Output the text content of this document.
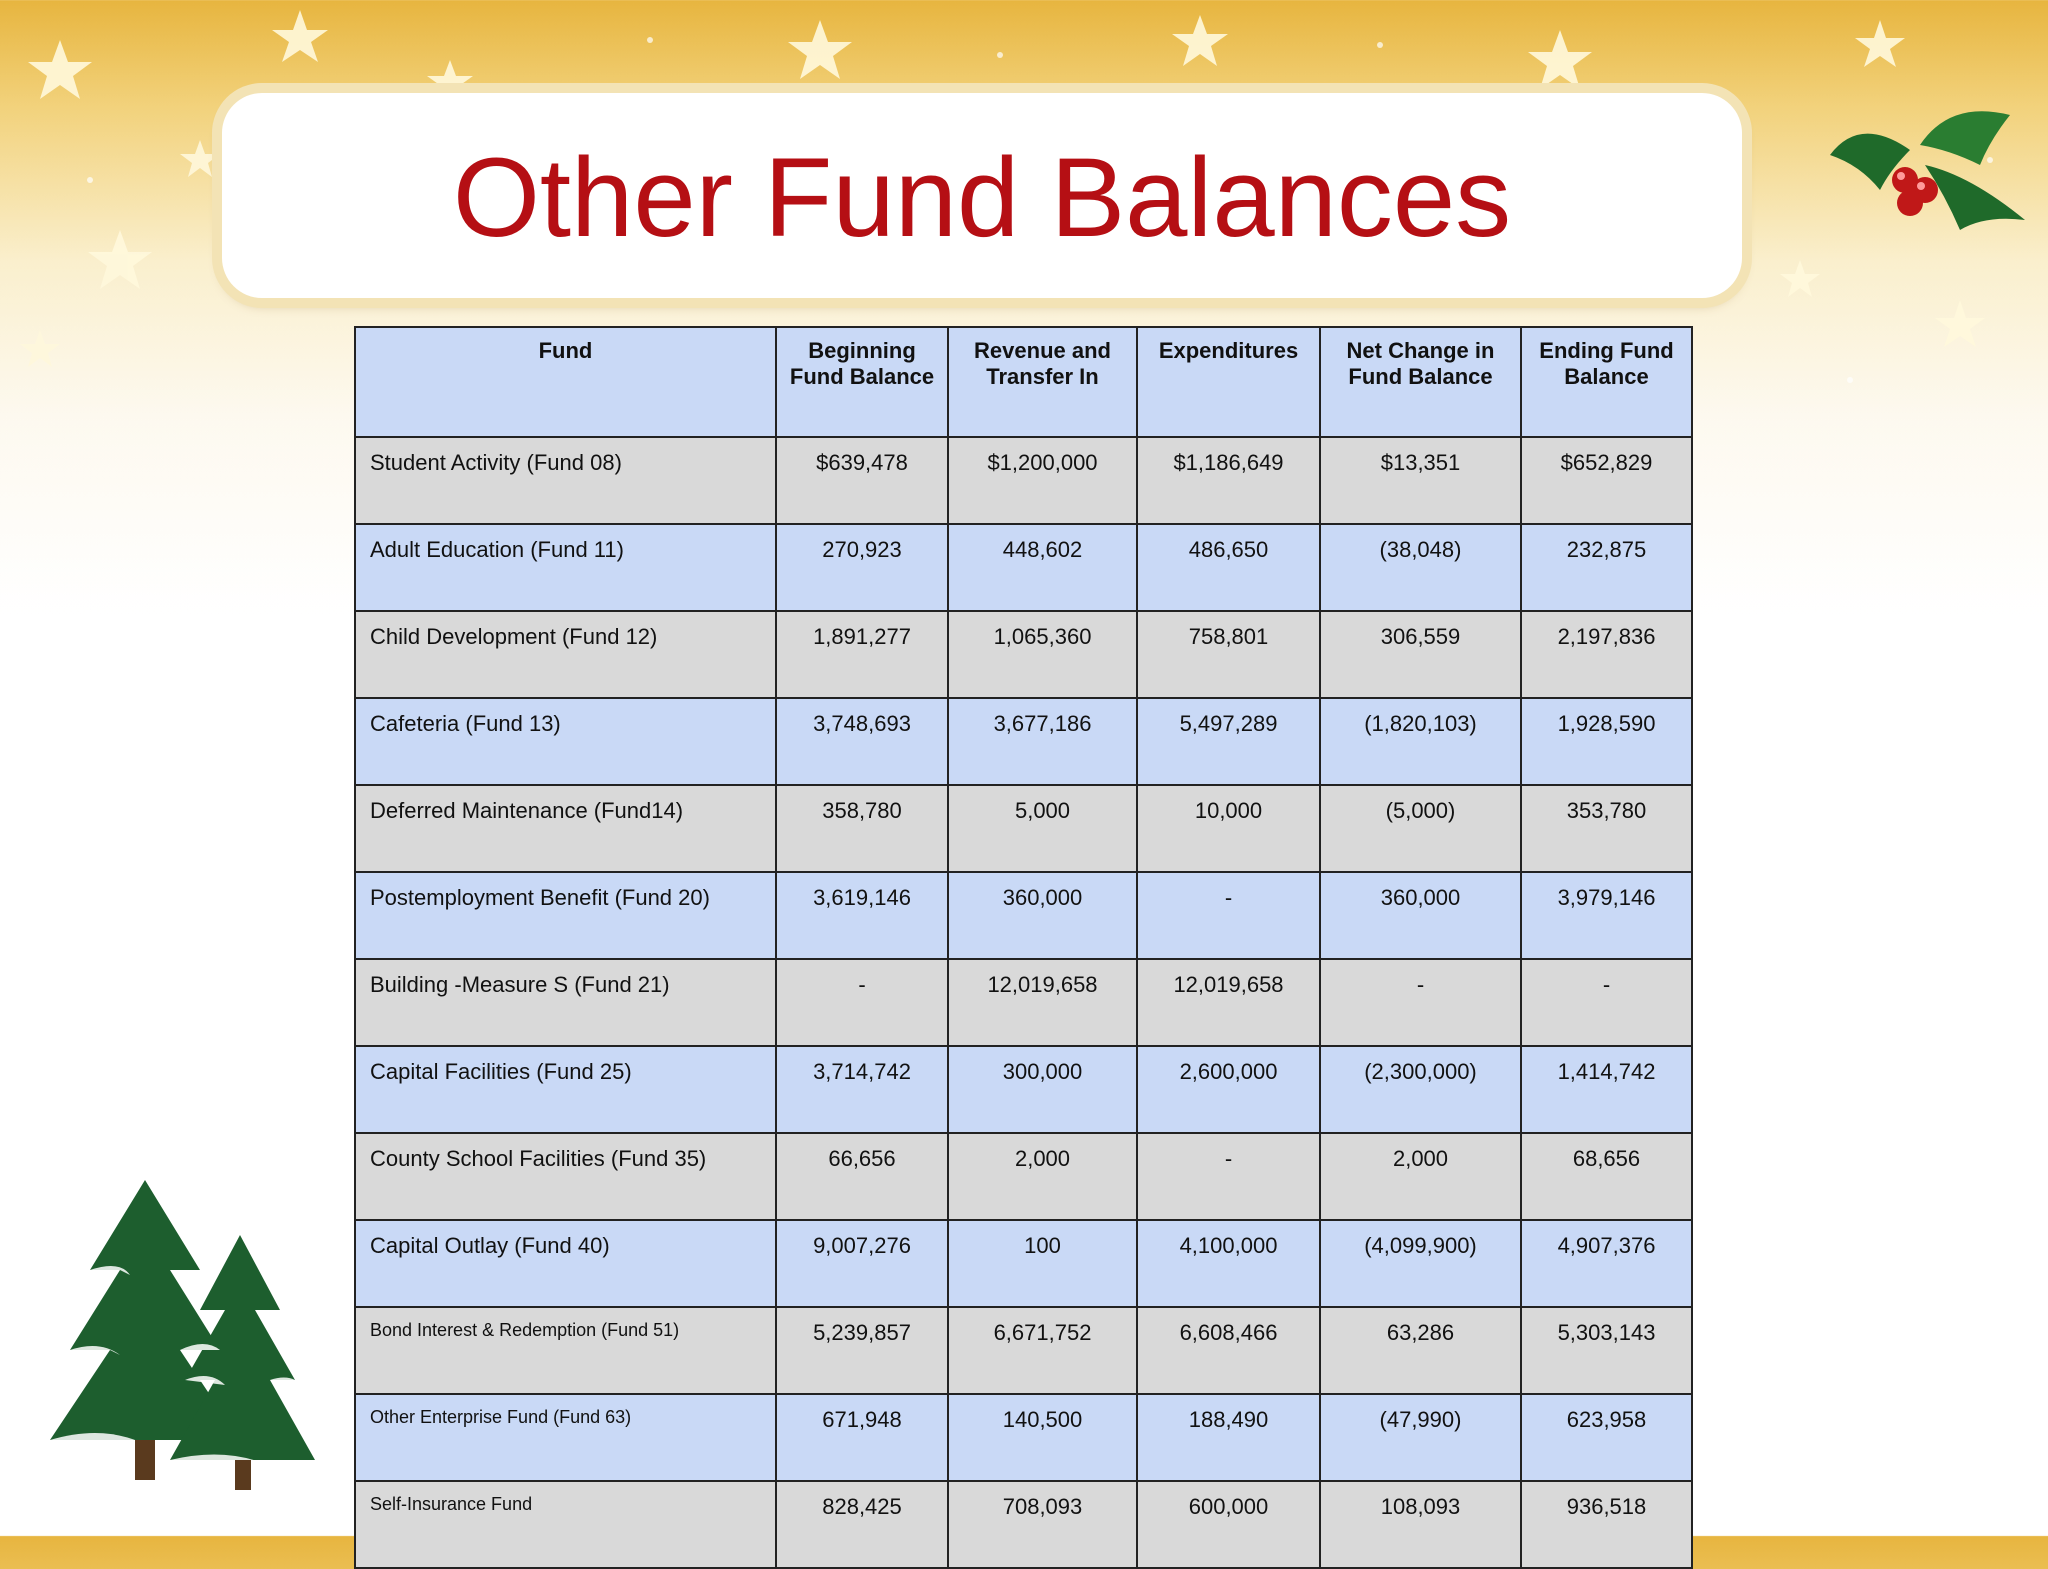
Other Fund Balances
Fund	Beginning Fund Balance	Revenue and Transfer In	Expenditures	Net Change in Fund Balance	Ending Fund Balance
Student Activity (Fund 08)	$639,478	$1,200,000	$1,186,649	$13,351	$652,829
Adult Education (Fund 11)	270,923	448,602	486,650	(38,048)	232,875
Child Development (Fund 12)	1,891,277	1,065,360	758,801	306,559	2,197,836
Cafeteria (Fund 13)	3,748,693	3,677,186	5,497,289	(1,820,103)	1,928,590
Deferred Maintenance (Fund14)	358,780	5,000	10,000	(5,000)	353,780
Postemployment Benefit (Fund 20)	3,619,146	360,000	-	360,000	3,979,146
Building -Measure S (Fund 21)	-	12,019,658	12,019,658	-	-
Capital Facilities (Fund 25)	3,714,742	300,000	2,600,000	(2,300,000)	1,414,742
County School Facilities (Fund 35)	66,656	2,000	-	2,000	68,656
Capital Outlay (Fund 40)	9,007,276	100	4,100,000	(4,099,900)	4,907,376
Bond Interest & Redemption (Fund 51)	5,239,857	6,671,752	6,608,466	63,286	5,303,143
Other Enterprise Fund (Fund 63)	671,948	140,500	188,490	(47,990)	623,958
Self-Insurance Fund	828,425	708,093	600,000	108,093	936,518
